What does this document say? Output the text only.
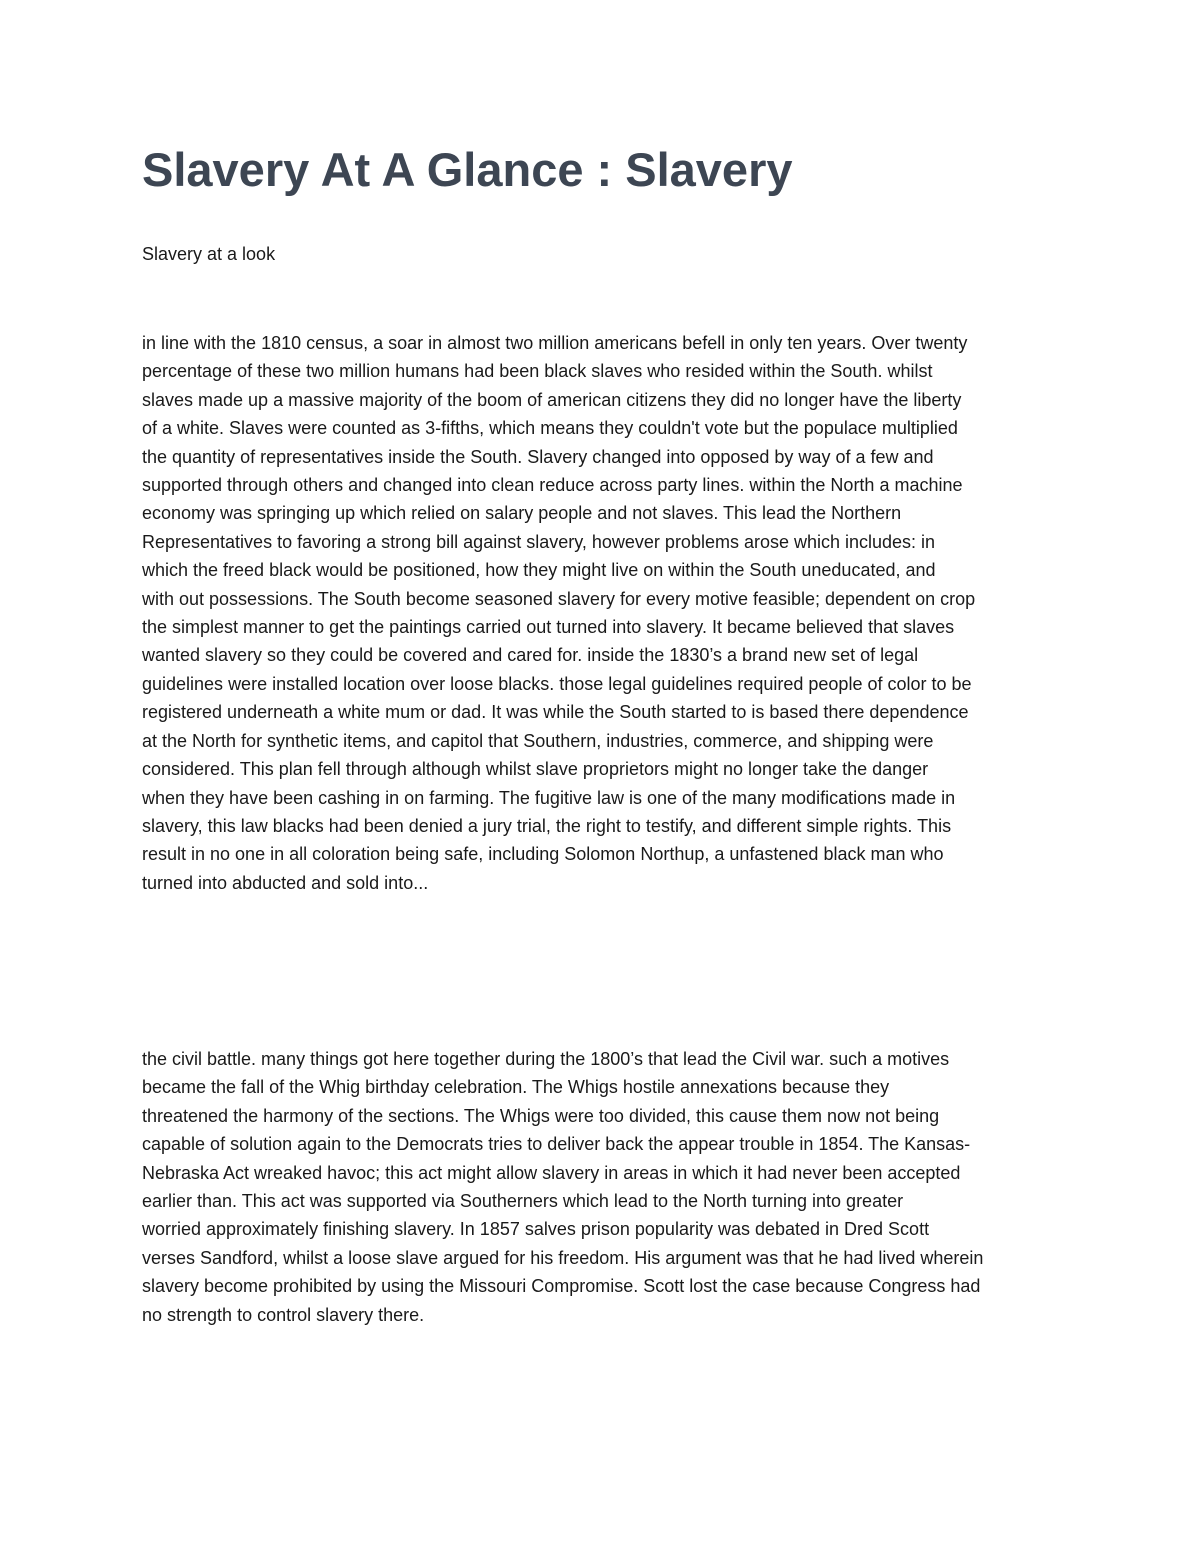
Slavery At A Glance : Slavery

Slavery at a look

in line with the 1810 census, a soar in almost two million americans befell in only ten years. Over twenty
percentage of these two million humans had been black slaves who resided within the South. whilst
slaves made up a massive majority of the boom of american citizens they did no longer have the liberty
of a white. Slaves were counted as 3-fifths, which means they couldn't vote but the populace multiplied
the quantity of representatives inside the South. Slavery changed into opposed by way of a few and
supported through others and changed into clean reduce across party lines. within the North a machine
economy was springing up which relied on salary people and not slaves. This lead the Northern
Representatives to favoring a strong bill against slavery, however problems arose which includes: in
which the freed black would be positioned, how they might live on within the South uneducated, and
with out possessions. The South become seasoned slavery for every motive feasible; dependent on crop
the simplest manner to get the paintings carried out turned into slavery. It became believed that slaves
wanted slavery so they could be covered and cared for. inside the 1830’s a brand new set of legal
guidelines were installed location over loose blacks. those legal guidelines required people of color to be
registered underneath a white mum or dad. It was while the South started to is based there dependence
at the North for synthetic items, and capitol that Southern, industries, commerce, and shipping were
considered. This plan fell through although whilst slave proprietors might no longer take the danger
when they have been cashing in on farming. The fugitive law is one of the many modifications made in
slavery, this law blacks had been denied a jury trial, the right to testify, and different simple rights. This
result in no one in all coloration being safe, including Solomon Northup, a unfastened black man who
turned into abducted and sold into...
the civil battle. many things got here together during the 1800’s that lead the Civil war. such a motives
became the fall of the Whig birthday celebration. The Whigs hostile annexations because they
threatened the harmony of the sections. The Whigs were too divided, this cause them now not being
capable of solution again to the Democrats tries to deliver back the appear trouble in 1854. The Kansas-
Nebraska Act wreaked havoc; this act might allow slavery in areas in which it had never been accepted
earlier than. This act was supported via Southerners which lead to the North turning into greater
worried approximately finishing slavery. In 1857 salves prison popularity was debated in Dred Scott
verses Sandford, whilst a loose slave argued for his freedom. His argument was that he had lived wherein
slavery become prohibited by using the Missouri Compromise. Scott lost the case because Congress had
no strength to control slavery there.
